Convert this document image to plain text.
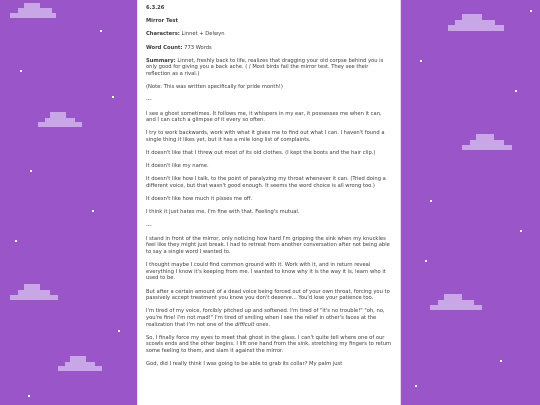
6.3.26

Mirror Test

Characters: Linnet + Delwyn

Word Count: 773 Words

Summary: Linnet, freshly back to life, realizes that dragging your old corpse behind you is only good for giving you a back ache. ( / Most birds fail the mirror test. They see their reflection as a rival.)

(Note: This was written specifically for pride month!)

---

I see a ghost sometimes. It follows me, it whispers in my ear, it possesses me when it can, and I can catch a glimpse of it every so often.

I try to work backwards, work with what it gives me to find out what I can. I haven't found a single thing it likes yet, but it has a mile long list of complaints.

It doesn't like that I threw out most of its old clothes. (I kept the boots and the hair clip.)

It doesn't like my name.

It doesn't like how I talk, to the point of paralyzing my throat whenever it can. (Tried doing a different voice, but that wasn't good enough. It seems the word choice is all wrong too.)

It doesn't like how much it pisses me off.

I think it just hates me. I'm fine with that. Feeling's mutual.

---

I stand in front of the mirror, only noticing how hard I'm gripping the sink when my knuckles feel like they might just break. I had to retreat from another conversation after not being able to say a single word I wanted to.

I thought maybe I could find common ground with it. Work with it, and in return reveal everything I know it's keeping from me. I wanted to know why it is the way it is, learn who it used to be.

But after a certain amount of a dead voice being forced out of your own throat, forcing you to passively accept treatment you know you don't deserve... You'd lose your patience too.

I'm tired of my voice, forcibly pitched up and softened. I'm tired of "it's no trouble!" "oh, no, you're fine! I'm not mad!" I'm tired of smiling when I see the relief in other's faces at the realization that I'm not one of the difficult ones.

So, I finally force my eyes to meet that ghost in the glass. I can't quite tell where one of our scowls ends and the other begins. I lift one hand from the sink, stretching my fingers to return some feeling to them, and slam it against the mirror.

God, did I really think I was going to be able to grab its collar? My palm just
